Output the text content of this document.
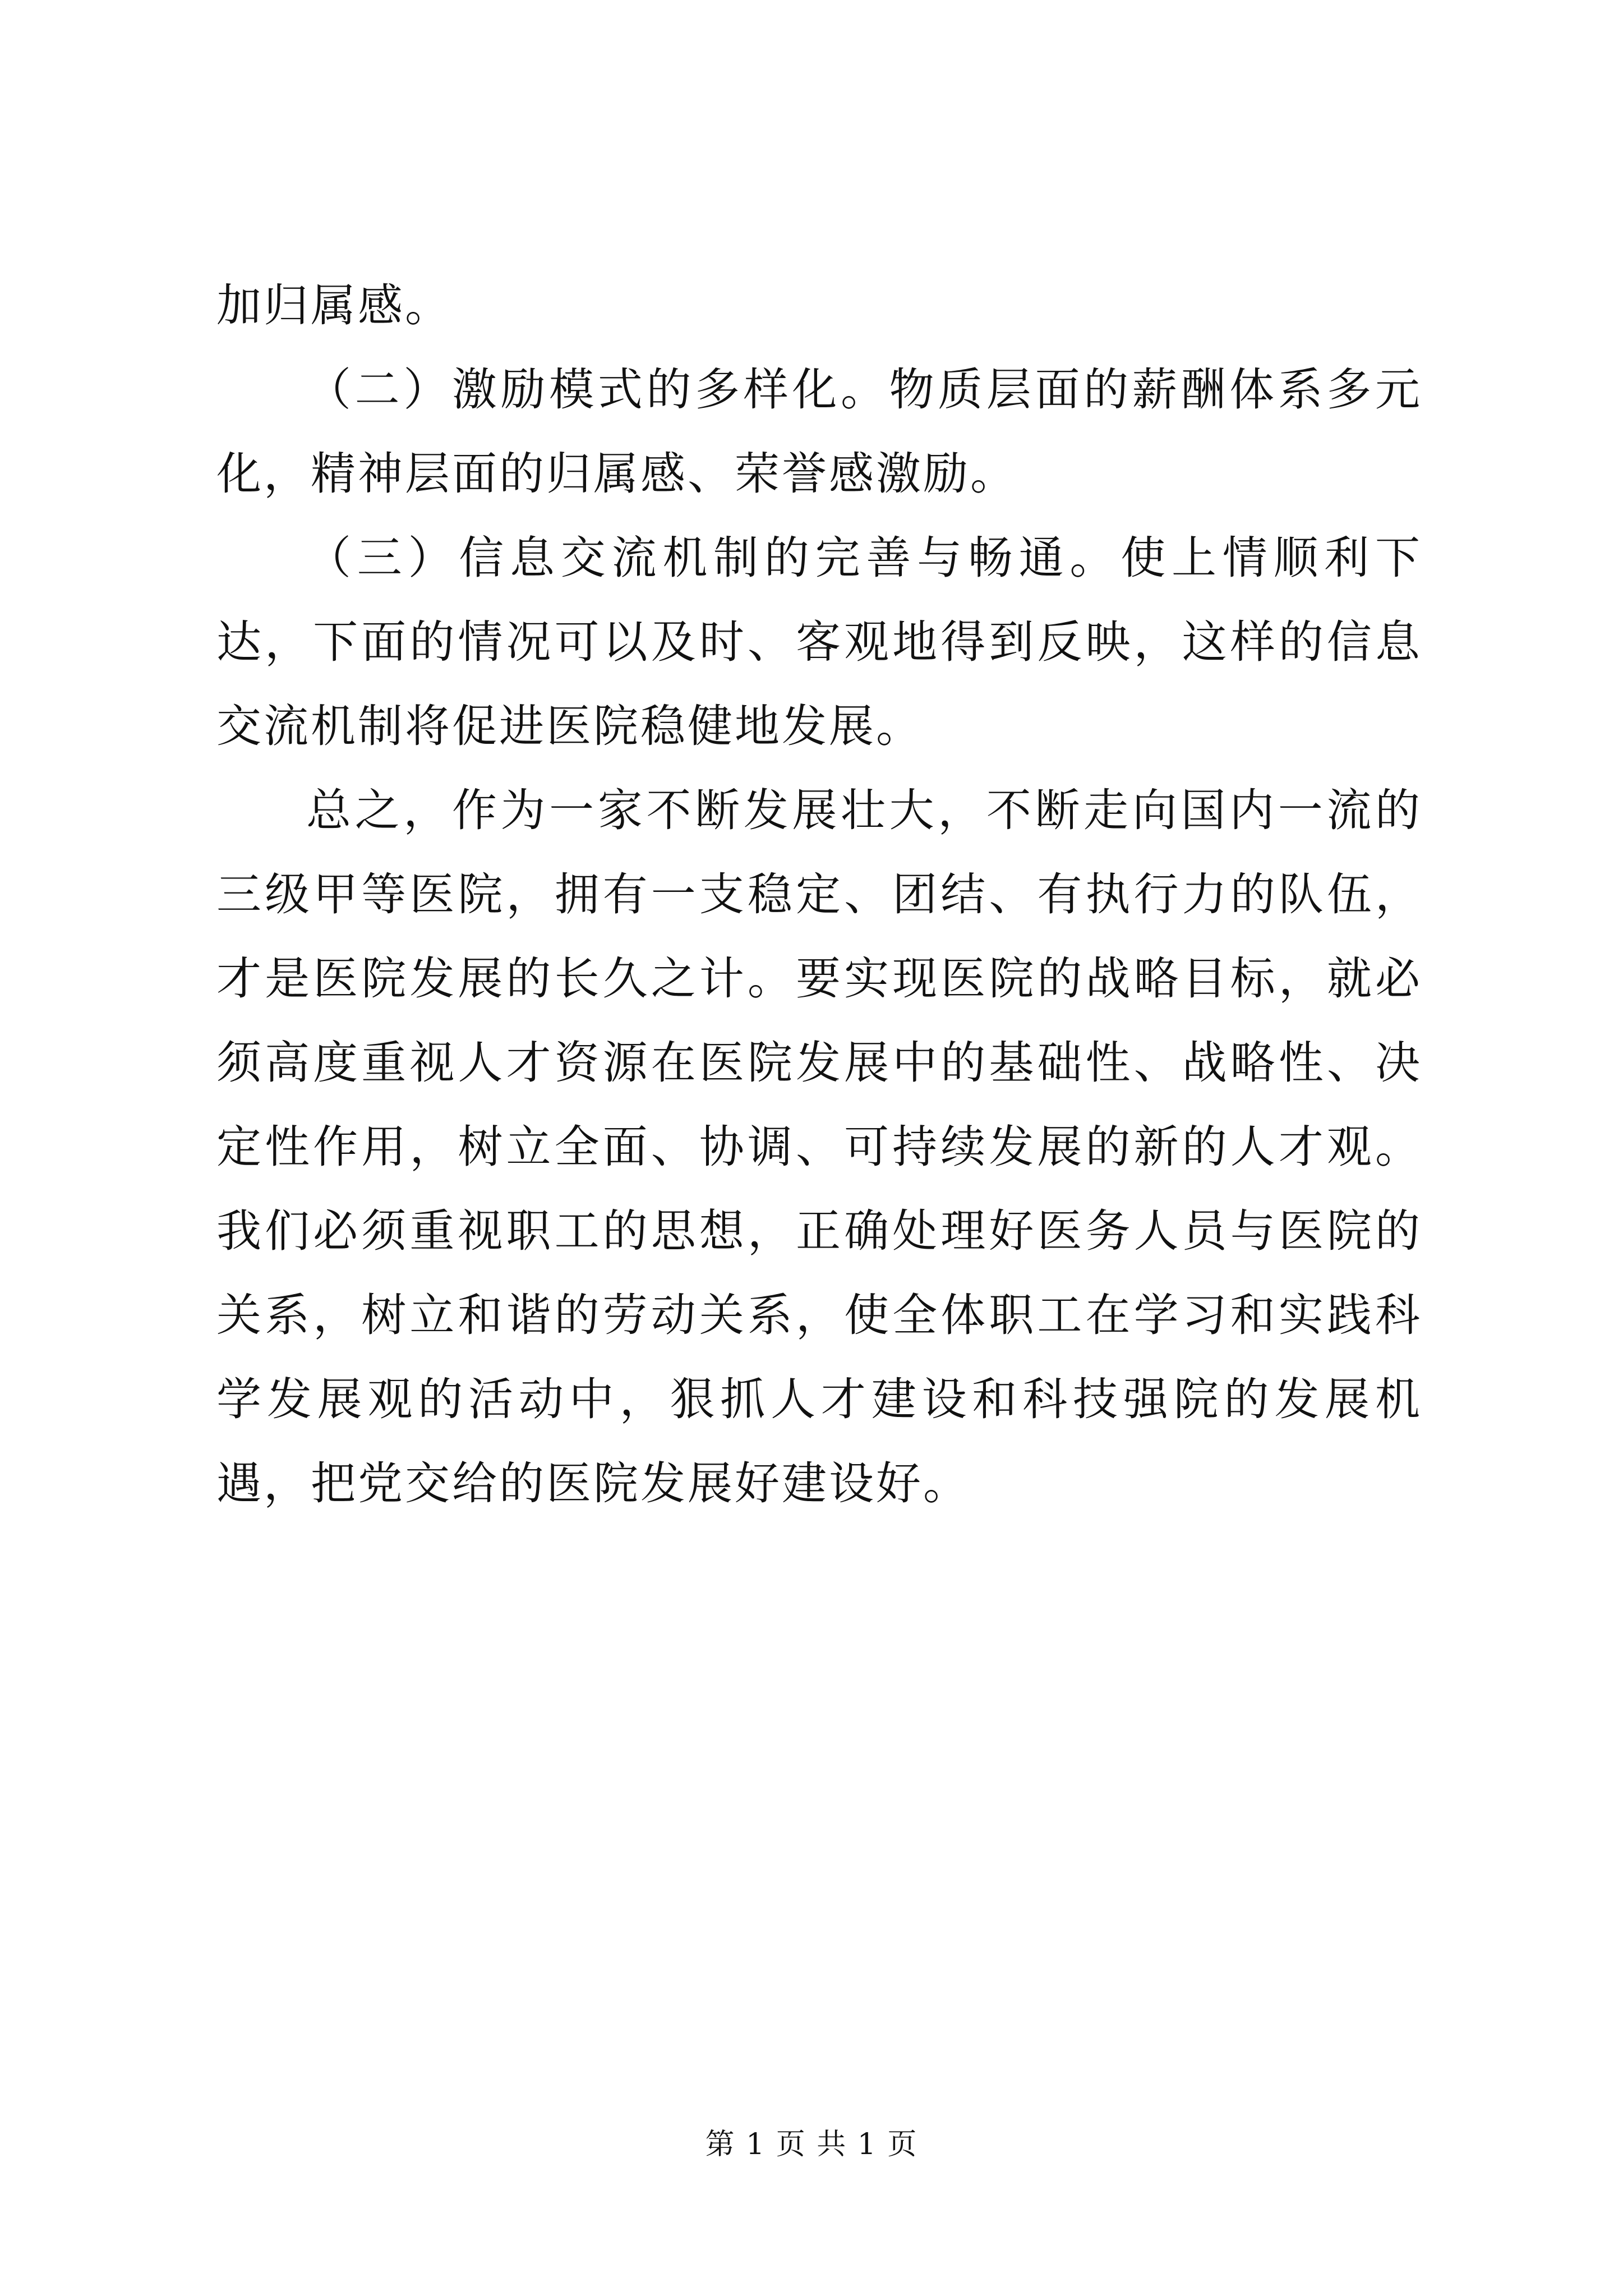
加归属感。

（二）激励模式的多样化。物质层面的薪酬体系多元化，精神层面的归属感、荣誉感激励。

（三）信息交流机制的完善与畅通。使上情顺利下达，下面的情况可以及时、客观地得到反映，这样的信息交流机制将促进医院稳健地发展。

总之，作为一家不断发展壮大，不断走向国内一流的三级甲等医院，拥有一支稳定、团结、有执行力的队伍，才是医院发展的长久之计。要实现医院的战略目标，就必须高度重视人才资源在医院发展中的基础性、战略性、决定性作用，树立全面、协调、可持续发展的新的人才观。我们必须重视职工的思想，正确处理好医务人员与医院的关系，树立和谐的劳动关系，使全体职工在学习和实践科学发展观的活动中，狠抓人才建设和科技强院的发展机遇，把党交给的医院发展好建设好。

第 1 页 共 1 页
